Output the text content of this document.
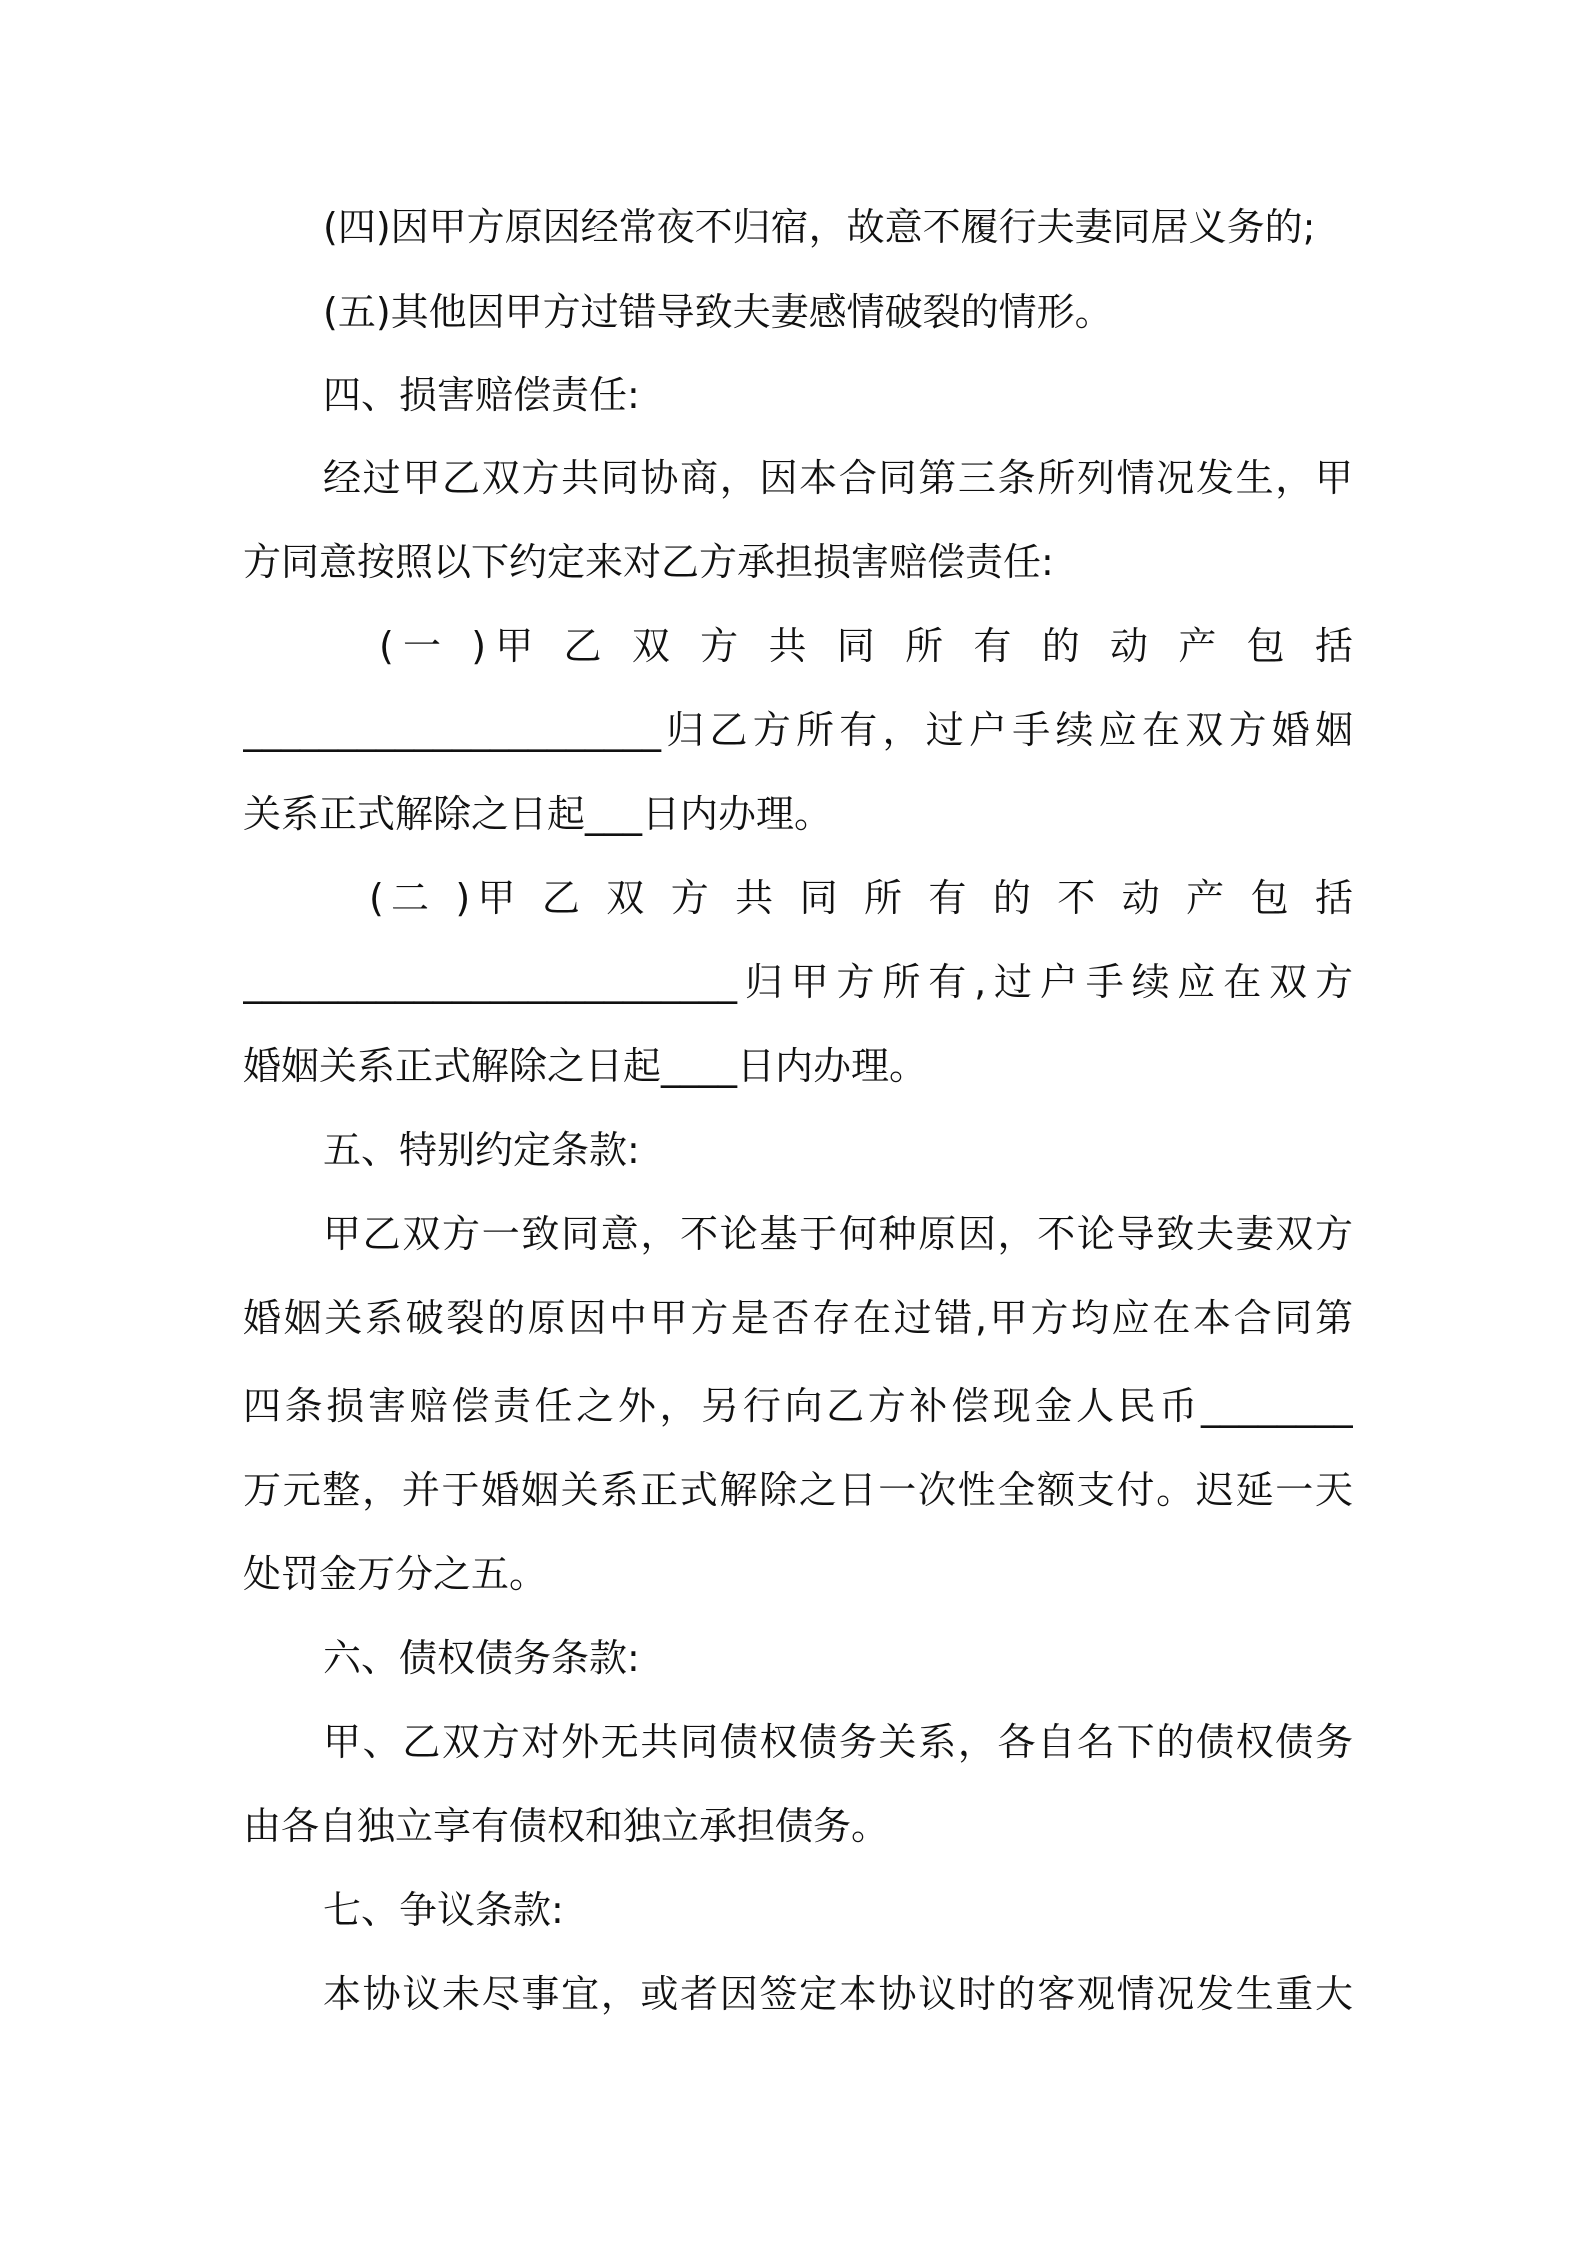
(四)因甲方原因经常夜不归宿，故意不履行夫妻同居义务的;
(五)其他因甲方过错导致夫妻感情破裂的情形。
四、损害赔偿责任:
经过甲乙双方共同协商，因本合同第三条所列情况发生，甲
方同意按照以下约定来对乙方承担损害赔偿责任:
(一 )甲 乙 双 方 共 同 所 有 的 动 产 包 括
______________________归乙方所有，过户手续应在双方婚姻
关系正式解除之日起___日内办理。
(二 )甲 乙 双 方 共 同 所 有 的 不 动 产 包 括
__________________________归甲方所有,过户手续应在双方
婚姻关系正式解除之日起____日内办理。
五、特别约定条款:
甲乙双方一致同意，不论基于何种原因，不论导致夫妻双方
婚姻关系破裂的原因中甲方是否存在过错,甲方均应在本合同第
四条损害赔偿责任之外，另行向乙方补偿现金人民币________
万元整，并于婚姻关系正式解除之日一次性全额支付。迟延一天
处罚金万分之五。
六、债权债务条款:
甲、乙双方对外无共同债权债务关系，各自名下的债权债务
由各自独立享有债权和独立承担债务。
七、争议条款:
本协议未尽事宜，或者因签定本协议时的客观情况发生重大
